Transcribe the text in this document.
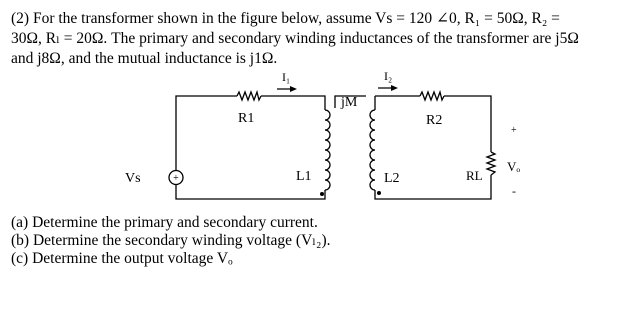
(2) For the transformer shown in the figure below, assume Vs = 120 ∠0, R₁ = 50Ω, R₂ =

30Ω, Rₗ = 20Ω. The primary and secondary winding inductances of the transformer are j5Ω

and j8Ω, and the mutual inductance is j1Ω.

+
Vs
R1
L1
jM
L2
R2
RL
I₁	I₂
+
Vₒ
-

(a) Determine the primary and secondary current.

(b) Determine the secondary winding voltage (Vₗ₂).

(c) Determine the output voltage Vₒ
